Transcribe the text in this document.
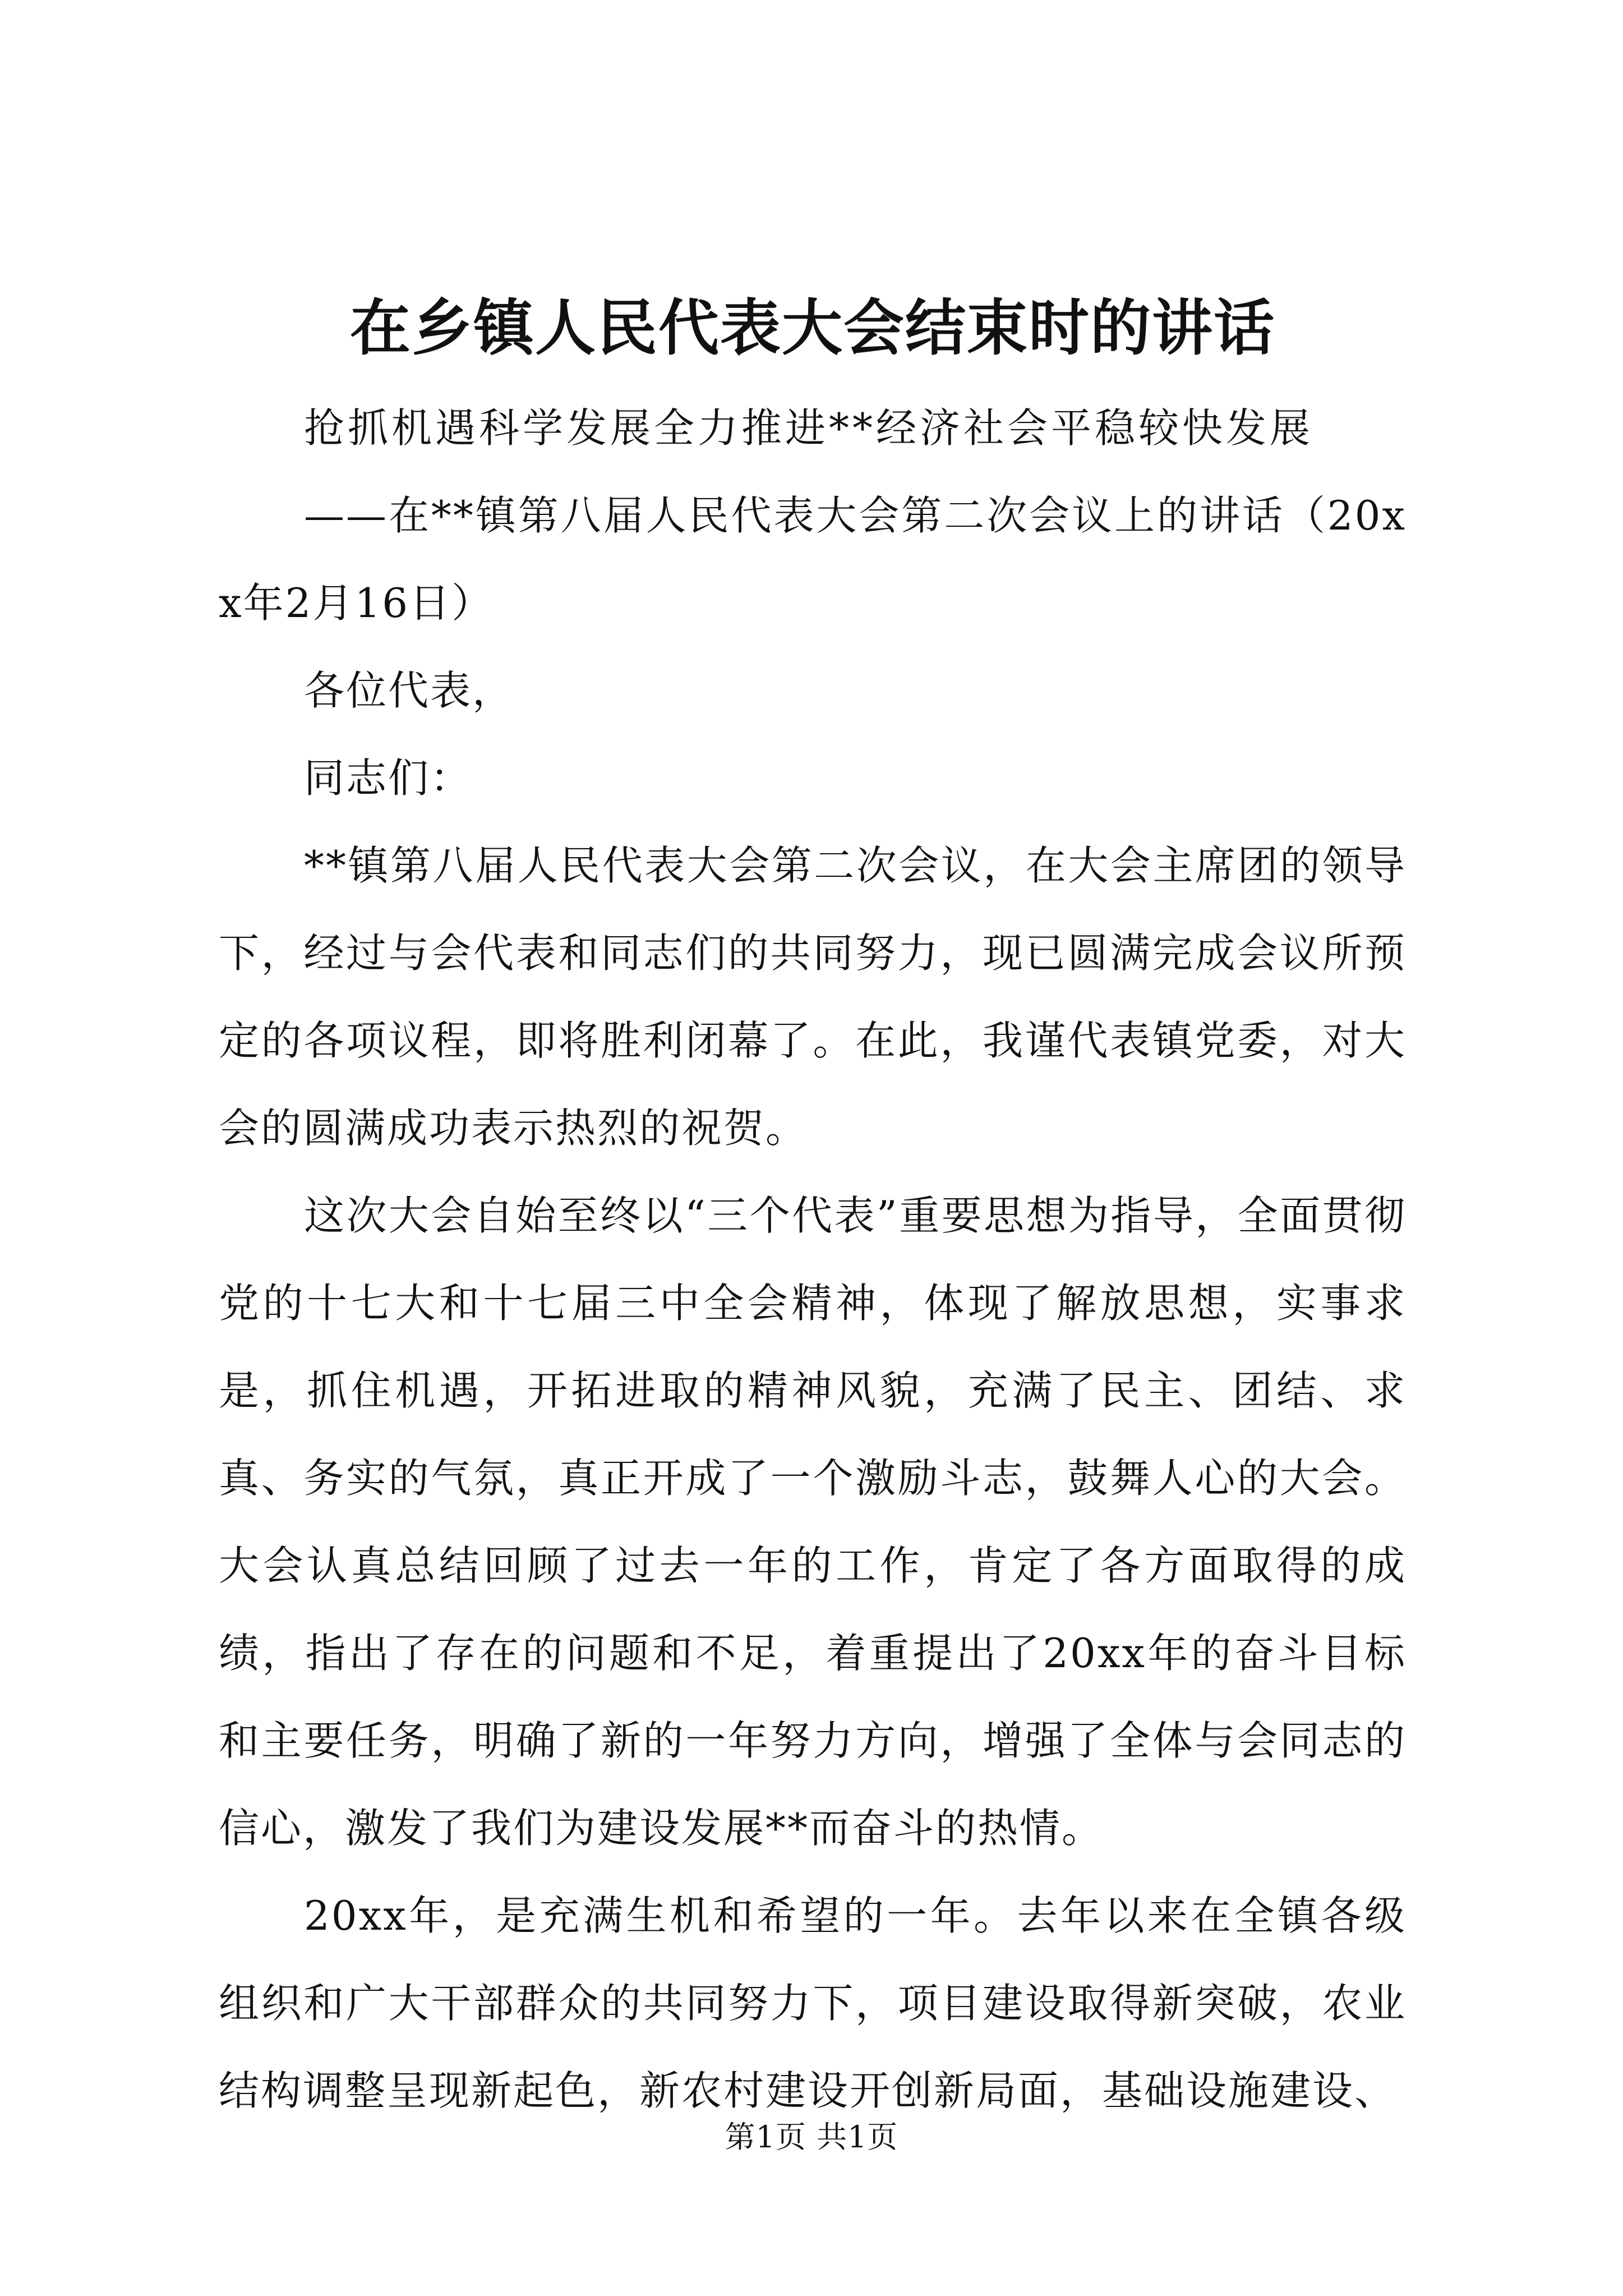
在乡镇人民代表大会结束时的讲话

抢抓机遇科学发展全力推进**经济社会平稳较快发展

——在**镇第八届人民代表大会第二次会议上的讲话（20xx年2月16日）

各位代表，

同志们：

**镇第八届人民代表大会第二次会议，在大会主席团的领导下，经过与会代表和同志们的共同努力，现已圆满完成会议所预定的各项议程，即将胜利闭幕了。在此，我谨代表镇党委，对大会的圆满成功表示热烈的祝贺。

这次大会自始至终以“三个代表”重要思想为指导，全面贯彻党的十七大和十七届三中全会精神，体现了解放思想，实事求是，抓住机遇，开拓进取的精神风貌，充满了民主、团结、求真、务实的气氛，真正开成了一个激励斗志，鼓舞人心的大会。大会认真总结回顾了过去一年的工作，肯定了各方面取得的成绩，指出了存在的问题和不足，着重提出了20xx年的奋斗目标和主要任务，明确了新的一年努力方向，增强了全体与会同志的信心，激发了我们为建设发展**而奋斗的热情。

20xx年，是充满生机和希望的一年。去年以来在全镇各级组织和广大干部群众的共同努力下，项目建设取得新突破，农业结构调整呈现新起色，新农村建设开创新局面，基础设施建设、

第1页 共1页
